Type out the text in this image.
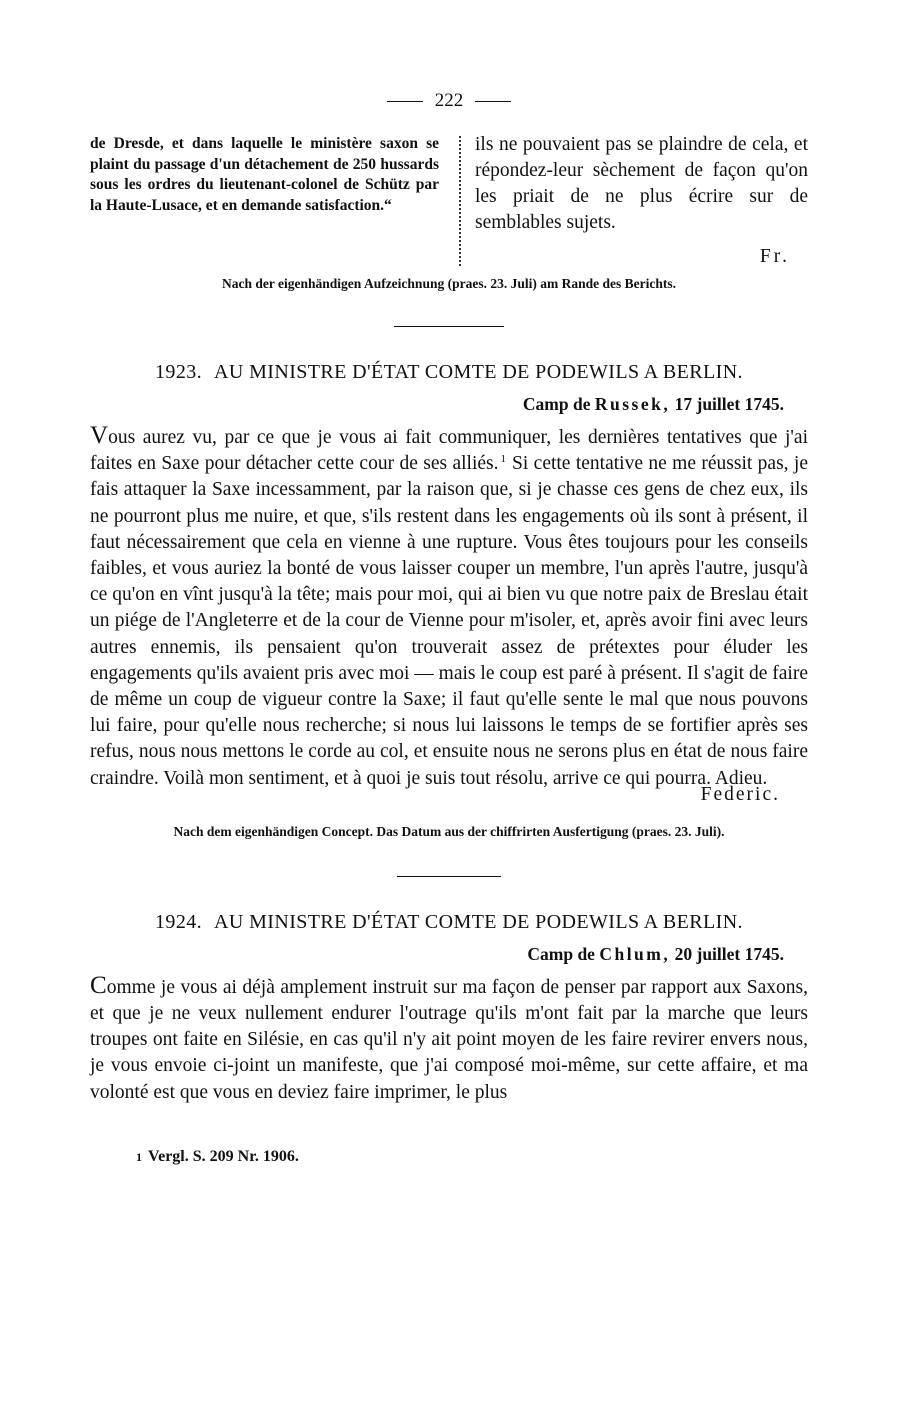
222
de Dresde, et dans laquelle le ministère saxon se plaint du passage d'un détachement de 250 hussards sous les ordres du lieutenant-colonel de Schütz par la Haute-Lusace, et en demande satisfaction.“
ils ne pouvaient pas se plaindre de cela, et répondez-leur sèchement de façon qu'on les priait de ne plus écrire sur de semblables sujets.
Fr.
Nach der eigenhändigen Aufzeichnung (praes. 23. Juli) am Rande des Berichts.
1923. AU MINISTRE D'ÉTAT COMTE DE PODEWILS A BERLIN.
Camp de Russek, 17 juillet 1745.
Vous aurez vu, par ce que je vous ai fait communiquer, les dernières tentatives que j'ai faites en Saxe pour détacher cette cour de ses alliés. $^1$ Si cette tentative ne me réussit pas, je fais attaquer la Saxe incessamment, par la raison que, si je chasse ces gens de chez eux, ils ne pourront plus me nuire, et que, s'ils restent dans les engagements où ils sont à présent, il faut nécessairement que cela en vienne à une rupture. Vous êtes toujours pour les conseils faibles, et vous auriez la bonté de vous laisser couper un membre, l'un après l'autre, jusqu'à ce qu'on en vînt jusqu'à la tête; mais pour moi, qui ai bien vu que notre paix de Breslau était un piége de l'Angleterre et de la cour de Vienne pour m'isoler, et, après avoir fini avec leurs autres ennemis, ils pensaient qu'on trouverait assez de prétextes pour éluder les engagements qu'ils avaient pris avec moi — mais le coup est paré à présent. Il s'agit de faire de même un coup de vigueur contre la Saxe; il faut qu'elle sente le mal que nous pouvons lui faire, pour qu'elle nous recherche; si nous lui laissons le temps de se fortifier après ses refus, nous nous mettons le corde au col, et ensuite nous ne serons plus en état de nous faire craindre. Voilà mon sentiment, et à quoi je suis tout résolu, arrive ce qui pourra. Adieu.
Federic.
Nach dem eigenhändigen Concept. Das Datum aus der chiffrirten Ausfertigung (praes. 23. Juli).
1924. AU MINISTRE D'ÉTAT COMTE DE PODEWILS A BERLIN.
Camp de Chlum, 20 juillet 1745.
Comme je vous ai déjà amplement instruit sur ma façon de penser par rapport aux Saxons, et que je ne veux nullement endurer l'outrage qu'ils m'ont fait par la marche que leurs troupes ont faite en Silésie, en cas qu'il n'y ait point moyen de les faire revirer envers nous, je vous envoie ci-joint un manifeste, que j'ai composé moi-même, sur cette affaire, et ma volonté est que vous en deviez faire imprimer, le plus
1 Vergl. S. 209 Nr. 1906.
